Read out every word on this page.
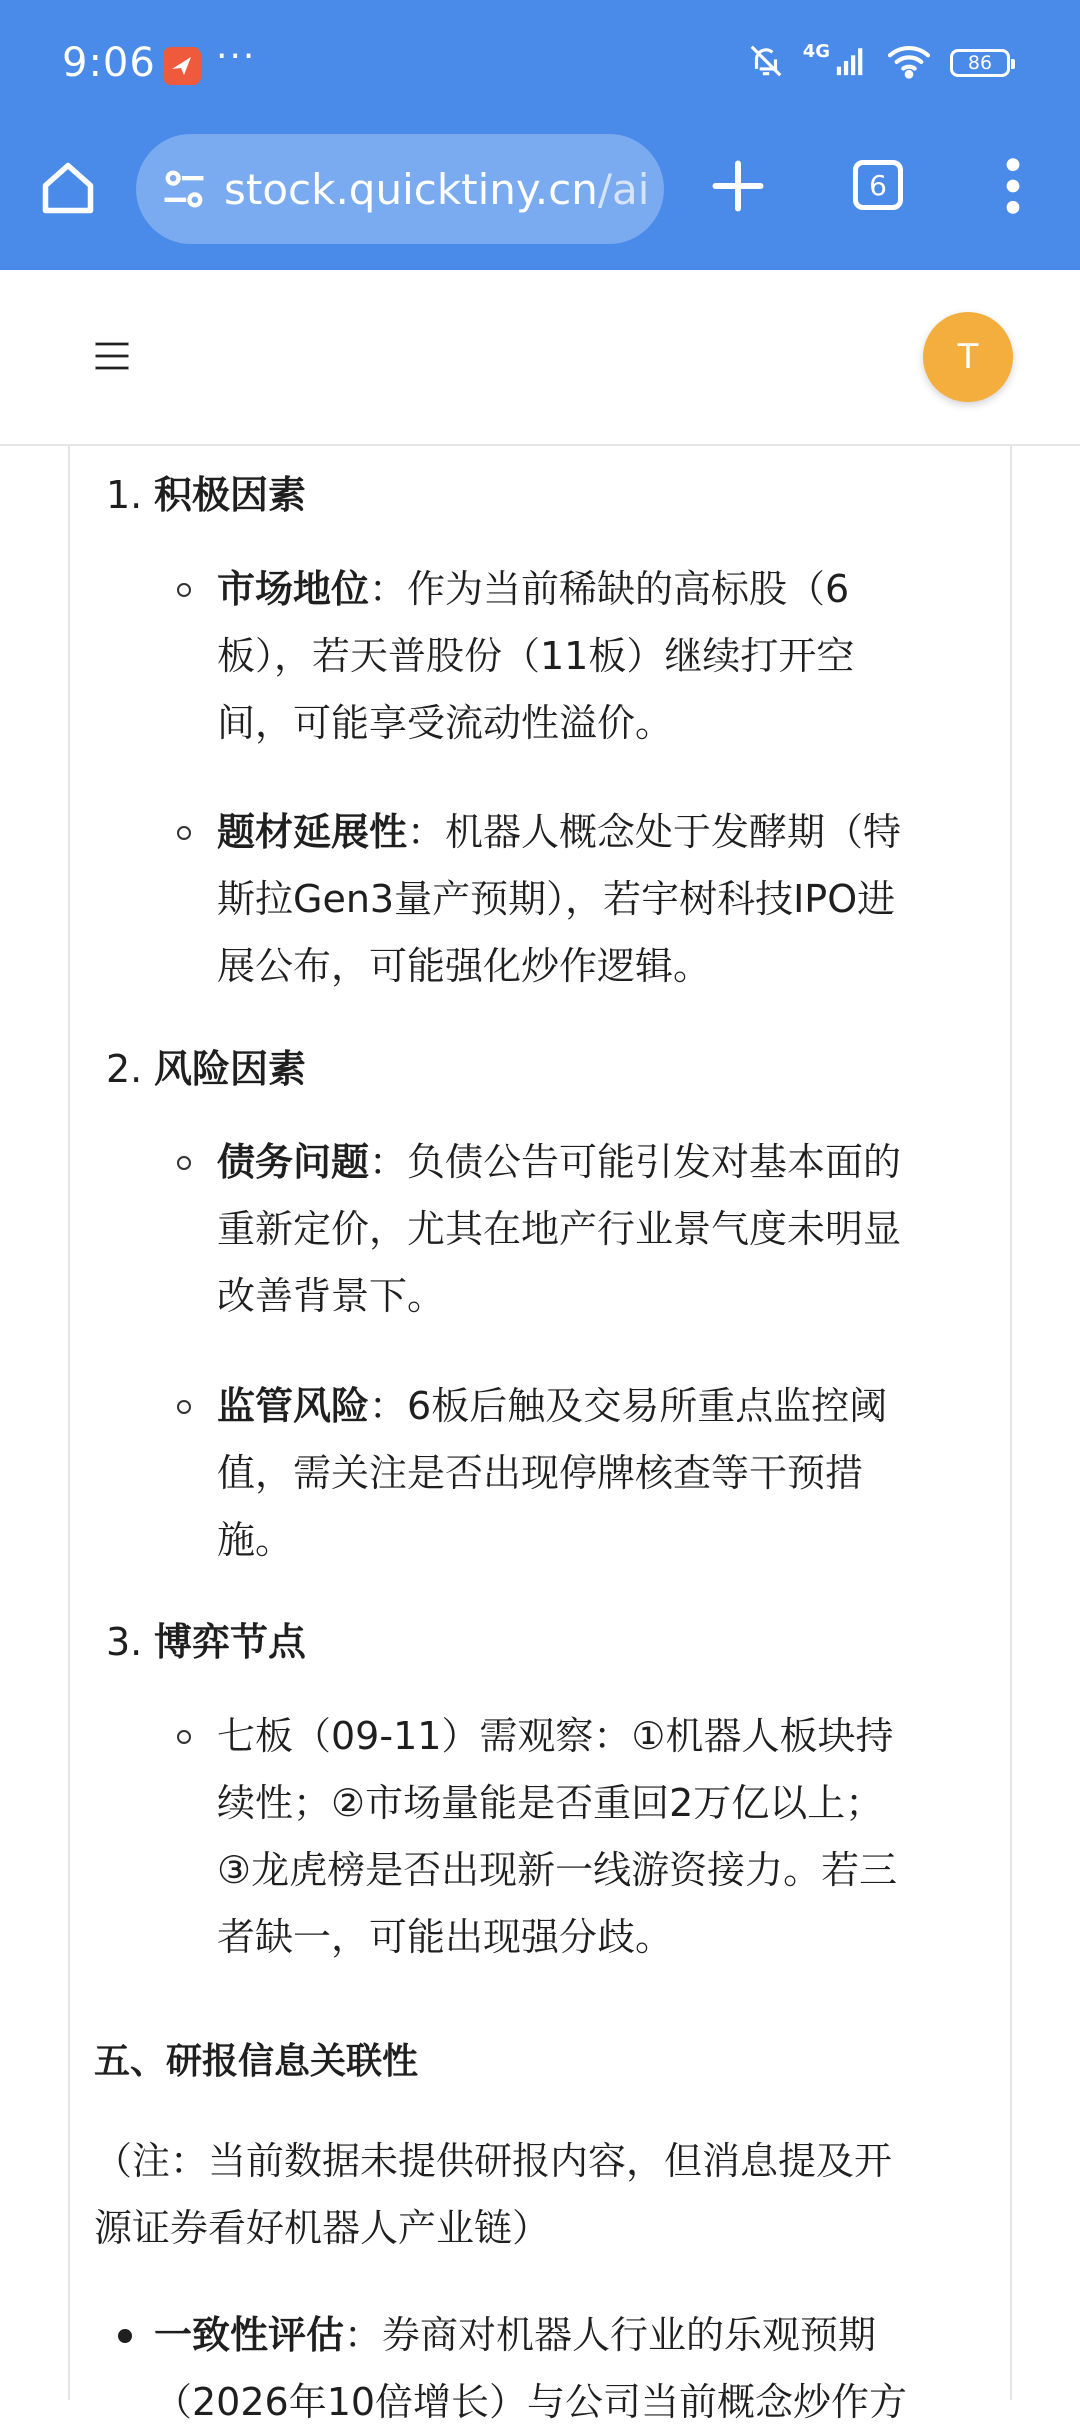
9:06 ···	4G
86
stock.quicktiny.cn/ai	6
T
1. 积极因素
市场地位：作为当前稀缺的高标股（6
板），若天普股份（11板）继续打开空
间，可能享受流动性溢价。
题材延展性：机器人概念处于发酵期（特
斯拉Gen3量产预期），若宇树科技IPO进
展公布，可能强化炒作逻辑。
2. 风险因素
债务问题：负债公告可能引发对基本面的
重新定价，尤其在地产行业景气度未明显
改善背景下。
监管风险：6板后触及交易所重点监控阈
值，需关注是否出现停牌核查等干预措
施。
3. 博弈节点
七板（09-11）需观察：①机器人板块持
续性；②市场量能是否重回2万亿以上；
③龙虎榜是否出现新一线游资接力。若三
者缺一，可能出现强分歧。
五、研报信息关联性
（注：当前数据未提供研报内容，但消息提及开
源证券看好机器人产业链）
一致性评估：券商对机器人行业的乐观预期
（2026年10倍增长）与公司当前概念炒作方
